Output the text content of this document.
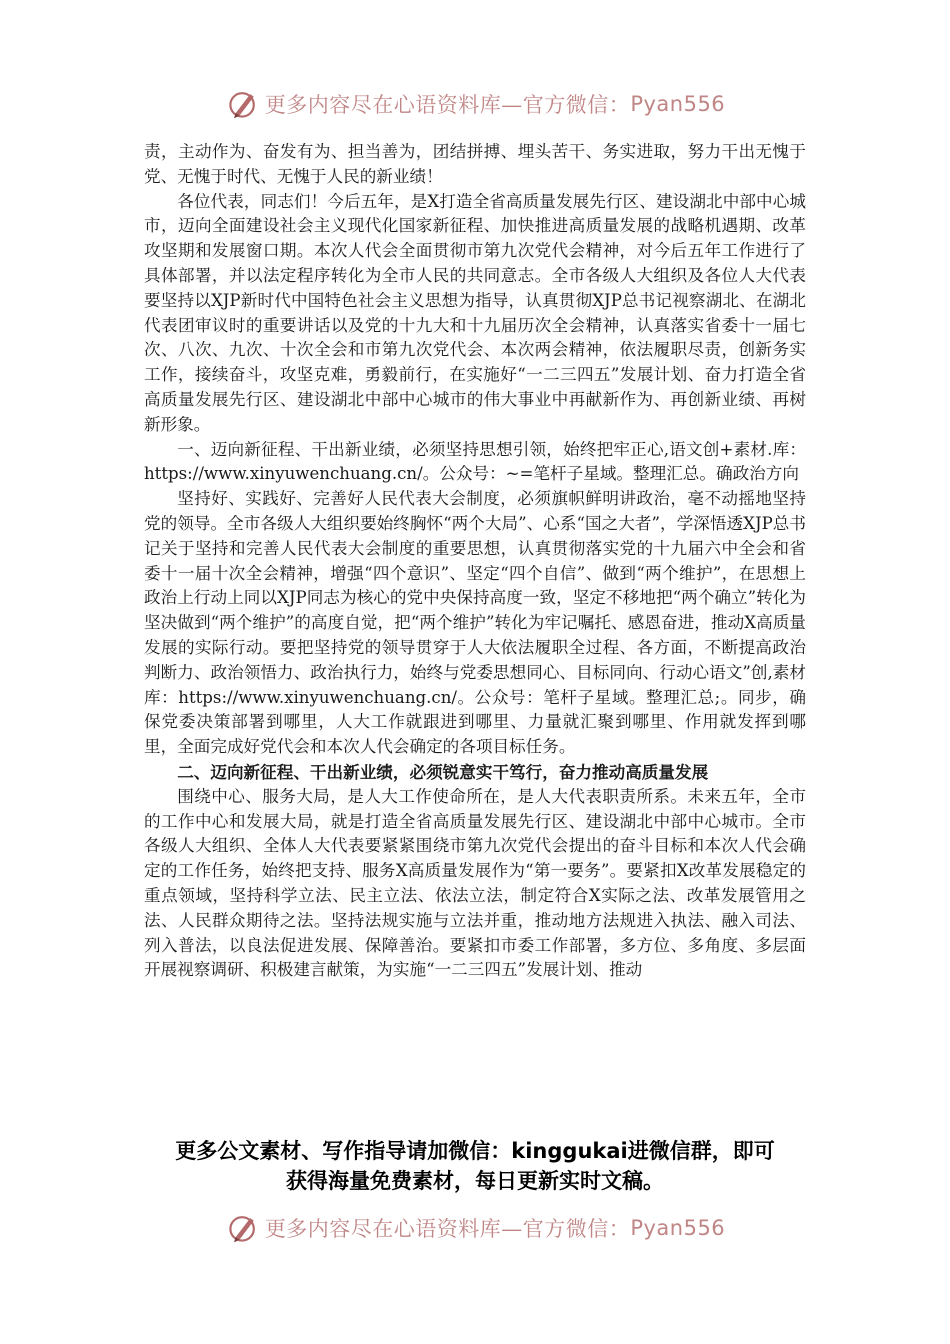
更多内容尽在心语资料库—官方微信： Pyan556

责，主动作为、奋发有为、担当善为，团结拼搏、埋头苦干、务实进取，努力干出无愧于党、无愧于时代、无愧于人民的新业绩！

各位代表，同志们！今后五年，是X打造全省高质量发展先行区、建设湖北中部中心城市，迈向全面建设社会主义现代化国家新征程、加快推进高质量发展的战略机遇期、改革攻坚期和发展窗口期。本次人代会全面贯彻市第九次党代会精神，对今后五年工作进行了具体部署，并以法定程序转化为全市人民的共同意志。全市各级人大组织及各位人大代表要坚持以XJP新时代中国特色社会主义思想为指导，认真贯彻XJP总书记视察湖北、在湖北代表团审议时的重要讲话以及党的十九大和十九届历次全会精神，认真落实省委十一届七次、八次、九次、十次全会和市第九次党代会、本次两会精神，依法履职尽责，创新务实工作，接续奋斗，攻坚克难，勇毅前行，在实施好“一二三四五”发展计划、奋力打造全省高质量发展先行区、建设湖北中部中心城市的伟大事业中再献新作为、再创新业绩、再树新形象。

一、迈向新征程、干出新业绩，必须坚持思想引领，始终把牢正心,语文创+素材.库：https://www.xinyuwenchuang.cn/。公众号：~=笔杆子星域。整理汇总。确政治方向

坚持好、实践好、完善好人民代表大会制度，必须旗帜鲜明讲政治，毫不动摇地坚持党的领导。全市各级人大组织要始终胸怀“两个大局”、心系“国之大者”，学深悟透XJP总书记关于坚持和完善人民代表大会制度的重要思想，认真贯彻落实党的十九届六中全会和省委十一届十次全会精神，增强“四个意识”、坚定“四个自信”、做到“两个维护”，在思想上政治上行动上同以XJP同志为核心的党中央保持高度一致，坚定不移地把“两个确立”转化为坚决做到“两个维护”的高度自觉，把“两个维护”转化为牢记嘱托、感恩奋进，推动X高质量发展的实际行动。要把坚持党的领导贯穿于人大依法履职全过程、各方面，不断提高政治判断力、政治领悟力、政治执行力，始终与党委思想同心、目标同向、行动心语文”创,素材库：https://www.xinyuwenchuang.cn/。公众号：笔杆子星域。整理汇总;。同步，确保党委决策部署到哪里，人大工作就跟进到哪里、力量就汇聚到哪里、作用就发挥到哪里，全面完成好党代会和本次人代会确定的各项目标任务。

二、迈向新征程、干出新业绩，必须锐意实干笃行，奋力推动高质量发展

围绕中心、服务大局，是人大工作使命所在，是人大代表职责所系。未来五年，全市的工作中心和发展大局，就是打造全省高质量发展先行区、建设湖北中部中心城市。全市各级人大组织、全体人大代表要紧紧围绕市第九次党代会提出的奋斗目标和本次人代会确定的工作任务，始终把支持、服务X高质量发展作为“第一要务”。要紧扣X改革发展稳定的重点领域，坚持科学立法、民主立法、依法立法，制定符合X实际之法、改革发展管用之法、人民群众期待之法。坚持法规实施与立法并重，推动地方法规进入执法、融入司法、列入普法，以良法促进发展、保障善治。要紧扣市委工作部署，多方位、多角度、多层面开展视察调研、积极建言献策，为实施“一二三四五”发展计划、推动

更多公文素材、写作指导请加微信：kinggukai进微信群，即可
获得海量免费素材，每日更新实时文稿。
更多内容尽在心语资料库—官方微信： Pyan556
